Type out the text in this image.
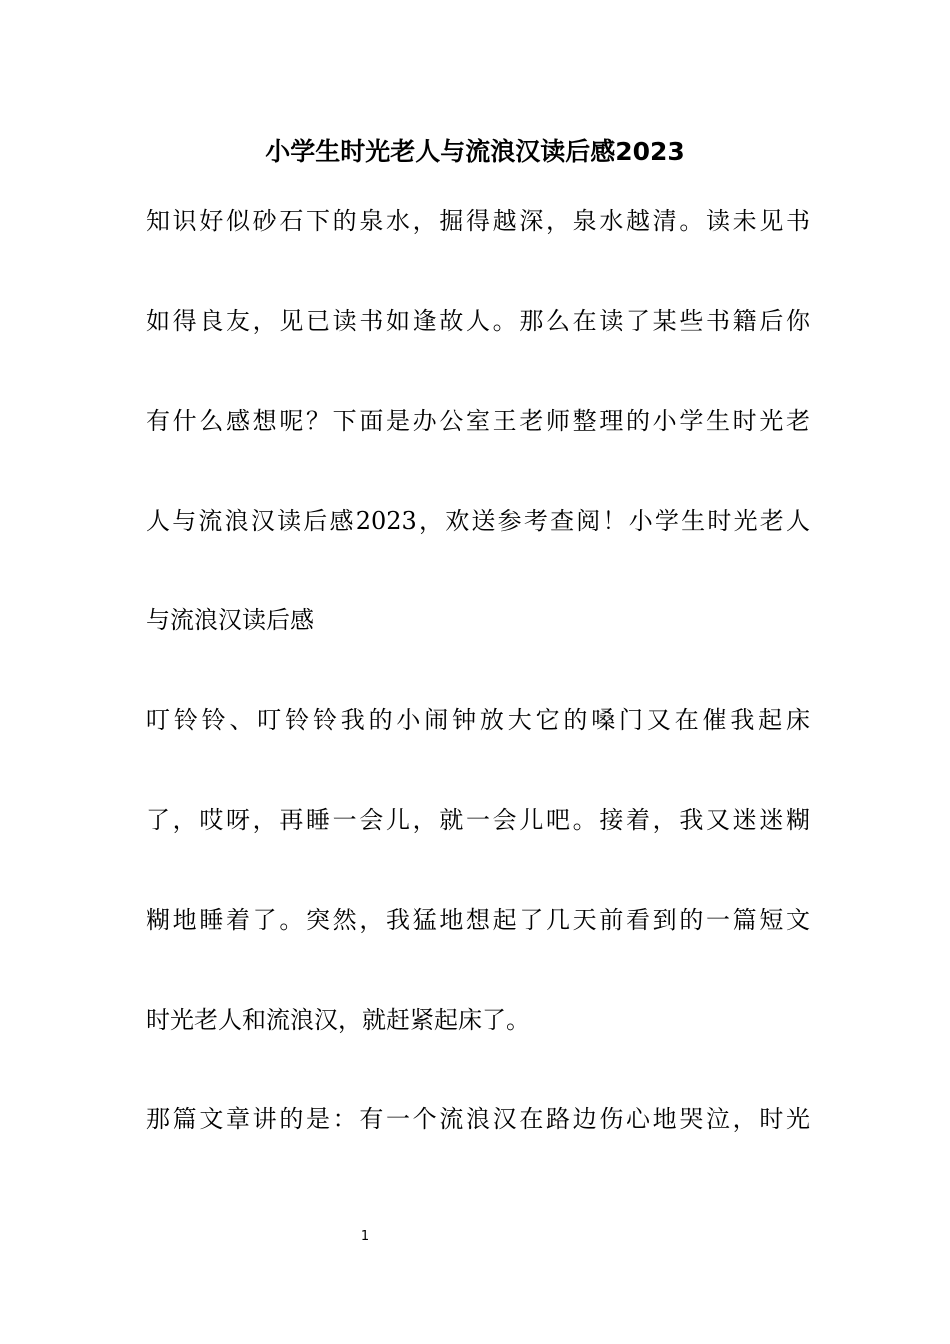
小学生时光老人与流浪汉读后感2023
知识好似砂石下的泉水，掘得越深，泉水越清。读未见书
如得良友，见已读书如逢故人。那么在读了某些书籍后你
有什么感想呢？下面是办公室王老师整理的小学生时光老
人与流浪汉读后感2023，欢送参考查阅！小学生时光老人
与流浪汉读后感
叮铃铃、叮铃铃我的小闹钟放大它的嗓门又在催我起床
了，哎呀，再睡一会儿，就一会儿吧。接着，我又迷迷糊
糊地睡着了。突然，我猛地想起了几天前看到的一篇短文
时光老人和流浪汉，就赶紧起床了。
那篇文章讲的是：有一个流浪汉在路边伤心地哭泣，时光
1
